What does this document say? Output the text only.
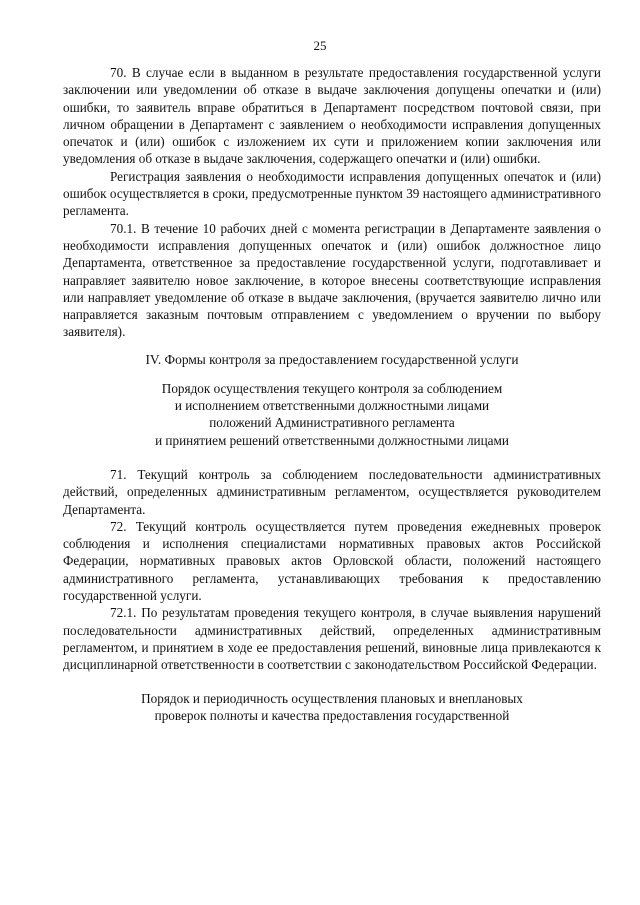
25

70. В случае если в выданном в результате предоставления государственной услуги заключении или уведомлении об отказе в выдаче заключения допущены опечатки и (или) ошибки, то заявитель вправе обратиться в Департамент посредством почтовой связи, при личном обращении в Департамент с заявлением о необходимости исправления допущенных опечаток и (или) ошибок с изложением их сути и приложением копии заключения или уведомления об отказе в выдаче заключения, содержащего опечатки и (или) ошибки.

Регистрация заявления о необходимости исправления допущенных опечаток и (или) ошибок осуществляется в сроки, предусмотренные пунктом 39 настоящего административного регламента.

70.1. В течение 10 рабочих дней с момента регистрации в Департаменте заявления о необходимости исправления допущенных опечаток и (или) ошибок должностное лицо Департамента, ответственное за предоставление государственной услуги, подготавливает и направляет заявителю новое заключение, в которое внесены соответствующие исправления или направляет уведомление об отказе в выдаче заключения, (вручается заявителю лично или направляется заказным почтовым отправлением с уведомлением о вручении по выбору заявителя).

IV. Формы контроля за предоставлением государственной услуги
Порядок осуществления текущего контроля за соблюдением
и исполнением ответственными должностными лицами
положений Административного регламента
и принятием решений ответственными должностными лицами

71. Текущий контроль за соблюдением последовательности административных действий, определенных административным регламентом, осуществляется руководителем Департамента.

72. Текущий контроль осуществляется путем проведения ежедневных проверок соблюдения и исполнения специалистами нормативных правовых актов Российской Федерации, нормативных правовых актов Орловской области, положений настоящего административного регламента, устанавливающих требования к предоставлению государственной услуги.

72.1. По результатам проведения текущего контроля, в случае выявления нарушений последовательности административных действий, определенных административным регламентом, и принятием в ходе ее предоставления решений, виновные лица привлекаются к дисциплинарной ответственности в соответствии с законодательством Российской Федерации.

Порядок и периодичность осуществления плановых и внеплановых
проверок полноты и качества предоставления государственной
